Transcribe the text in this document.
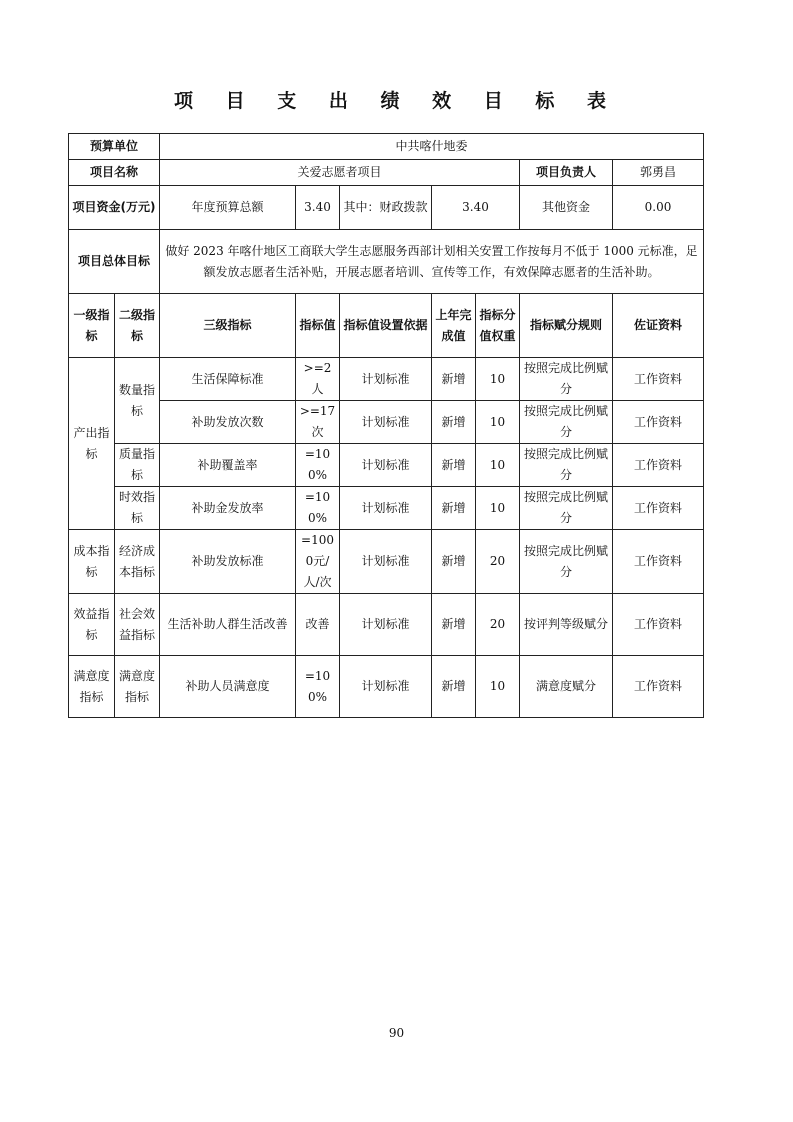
项 目 支 出 绩 效 目 标 表
预算单位		中共喀什地委						
项目名称		关爱志愿者项目					项目负责人	郭勇昌
项目资金(万元)		年度预算总额	3.40	其中：财政拨款	3.40		其他资金	0.00
项目总体目标		做好 2023 年喀什地区工商联大学生志愿服务西部计划相关安置工作按每月不低于 1000 元标准，足额发放志愿者生活补贴，开展志愿者培训、宣传等工作，有效保障志愿者的生活补助。						
一级指标	二级指标	三级指标	指标值	指标值设置依据	上年完成值	指标分值权重	指标赋分规则	佐证资料
产出指标	数量指标	生活保障标准	>=2人	计划标准	新增	10	按照完成比例赋分	工作资料
		补助发放次数	>=17次	计划标准	新增	10	按照完成比例赋分	工作资料
	质量指标	补助覆盖率	=100%	计划标准	新增	10	按照完成比例赋分	工作资料
	时效指标	补助金发放率	=100%	计划标准	新增	10	按照完成比例赋分	工作资料
成本指标	经济成本指标	补助发放标准	=1000元/人/次	计划标准	新增	20	按照完成比例赋分	工作资料
效益指标	社会效益指标	生活补助人群生活改善	改善	计划标准	新增	20	按评判等级赋分	工作资料
满意度指标	满意度指标	补助人员满意度	=100%	计划标准	新增	10	满意度赋分	工作资料
90
